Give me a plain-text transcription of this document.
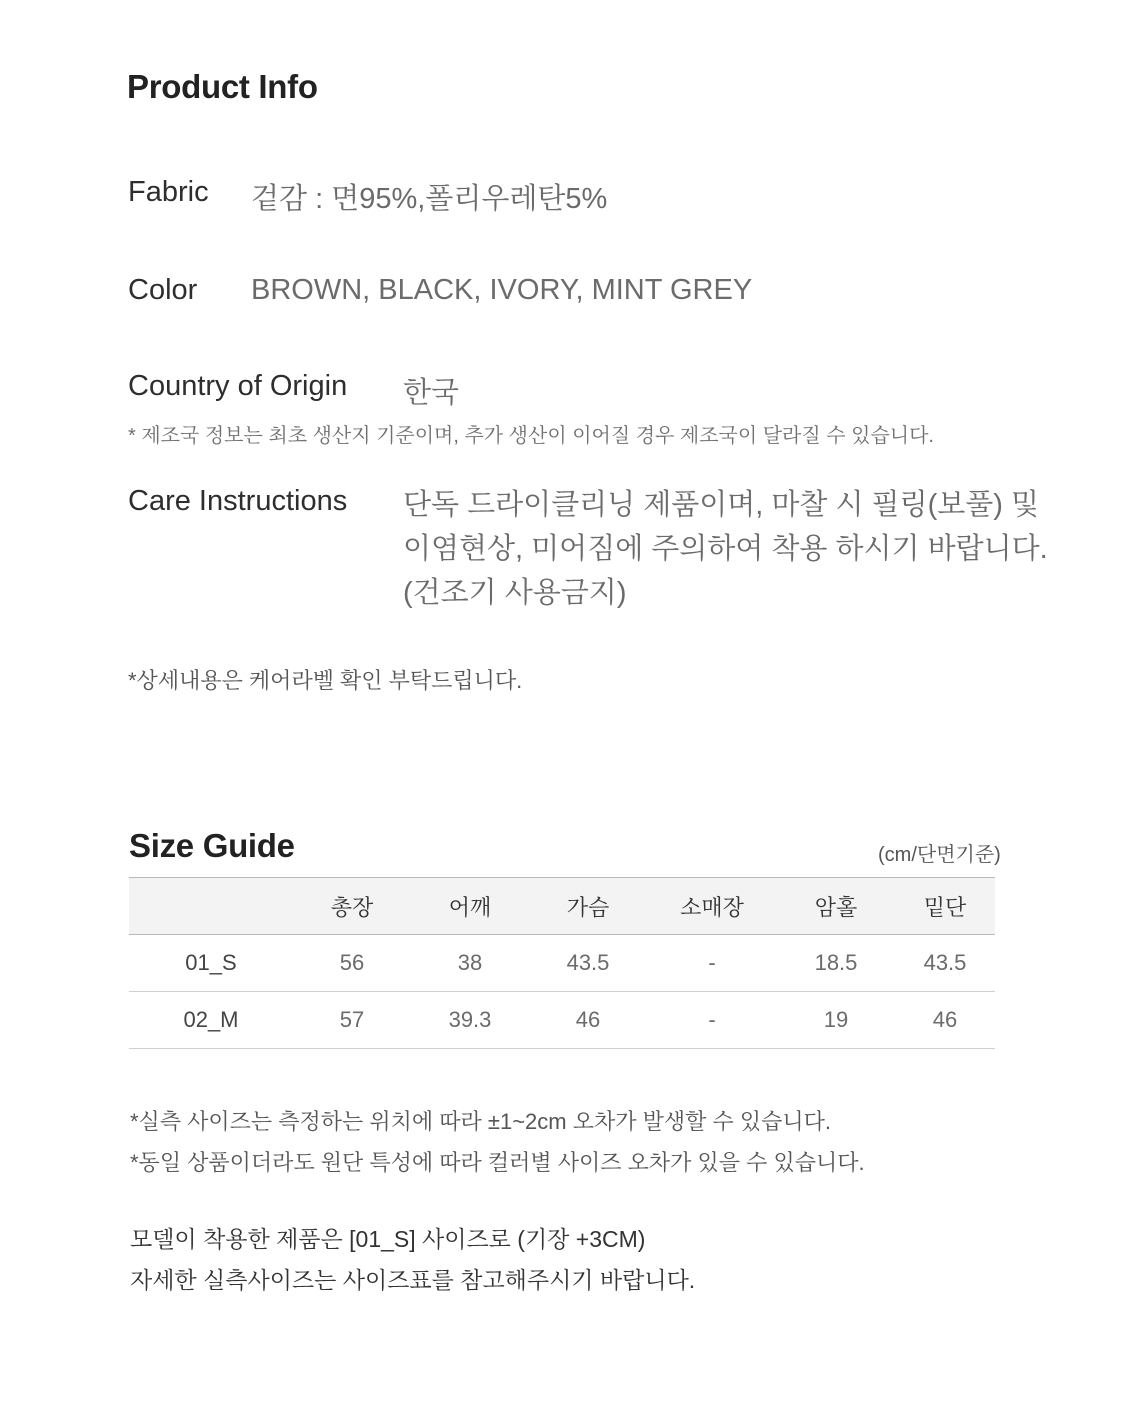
Product Info
Fabric 겉감 : 면95%,폴리우레탄5%
Color BROWN, BLACK, IVORY, MINT GREY
Country of Origin 한국
* 제조국 정보는 최초 생산지 기준이며, 추가 생산이 이어질 경우 제조국이 달라질 수 있습니다.
Care Instructions 단독 드라이클리닝 제품이며, 마찰 시 필링(보풀) 및
이염현상, 미어짐에 주의하여 착용 하시기 바랍니다.
(건조기 사용금지)
*상세내용은 케어라벨 확인 부탁드립니다.
Size Guide	(cm/단면기준)
	총장	어깨	가슴	소매장	암홀	밑단
01_S	56	38	43.5	-	18.5	43.5
02_M	57	39.3	46	-	19	46
*실측 사이즈는 측정하는 위치에 따라 ±1~2cm 오차가 발생할 수 있습니다.
*동일 상품이더라도 원단 특성에 따라 컬러별 사이즈 오차가 있을 수 있습니다.
모델이 착용한 제품은 [01_S] 사이즈로 (기장 +3CM)
자세한 실측사이즈는 사이즈표를 참고해주시기 바랍니다.
